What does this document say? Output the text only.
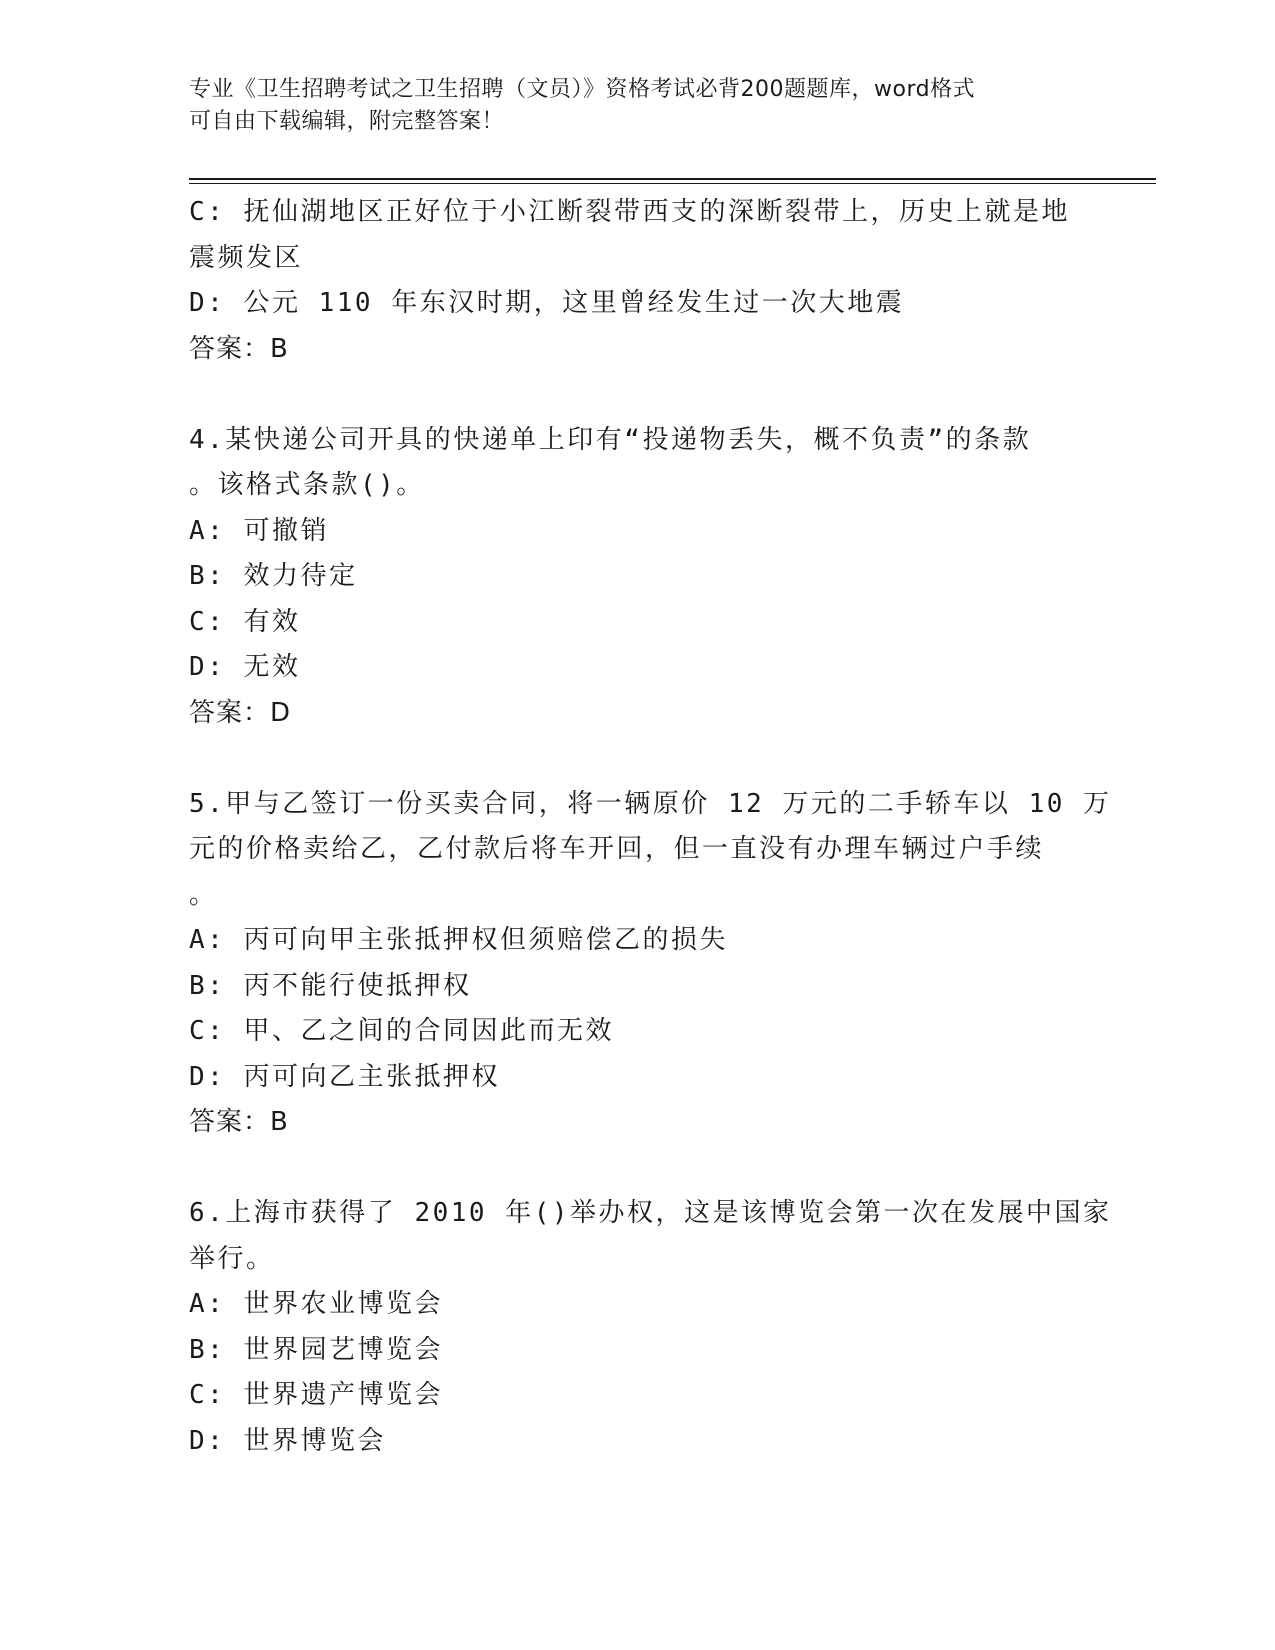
专业《卫生招聘考试之卫生招聘（文员）》资格考试必背200题题库，word格式
可自由下载编辑，附完整答案！
C: 抚仙湖地区正好位于小江断裂带西支的深断裂带上，历史上就是地
震频发区
D: 公元 110 年东汉时期，这里曾经发生过一次大地震
答案：B
4.某快递公司开具的快递单上印有“投递物丢失，概不负责”的条款
。该格式条款()。
A: 可撤销
B: 效力待定
C: 有效
D: 无效
答案：D
5.甲与乙签订一份买卖合同，将一辆原价 12 万元的二手轿车以 10 万
元的价格卖给乙，乙付款后将车开回，但一直没有办理车辆过户手续
。
A: 丙可向甲主张抵押权但须赔偿乙的损失
B: 丙不能行使抵押权
C: 甲、乙之间的合同因此而无效
D: 丙可向乙主张抵押权
答案：B
6.上海市获得了 2010 年()举办权，这是该博览会第一次在发展中国家
举行。
A: 世界农业博览会
B: 世界园艺博览会
C: 世界遗产博览会
D: 世界博览会
